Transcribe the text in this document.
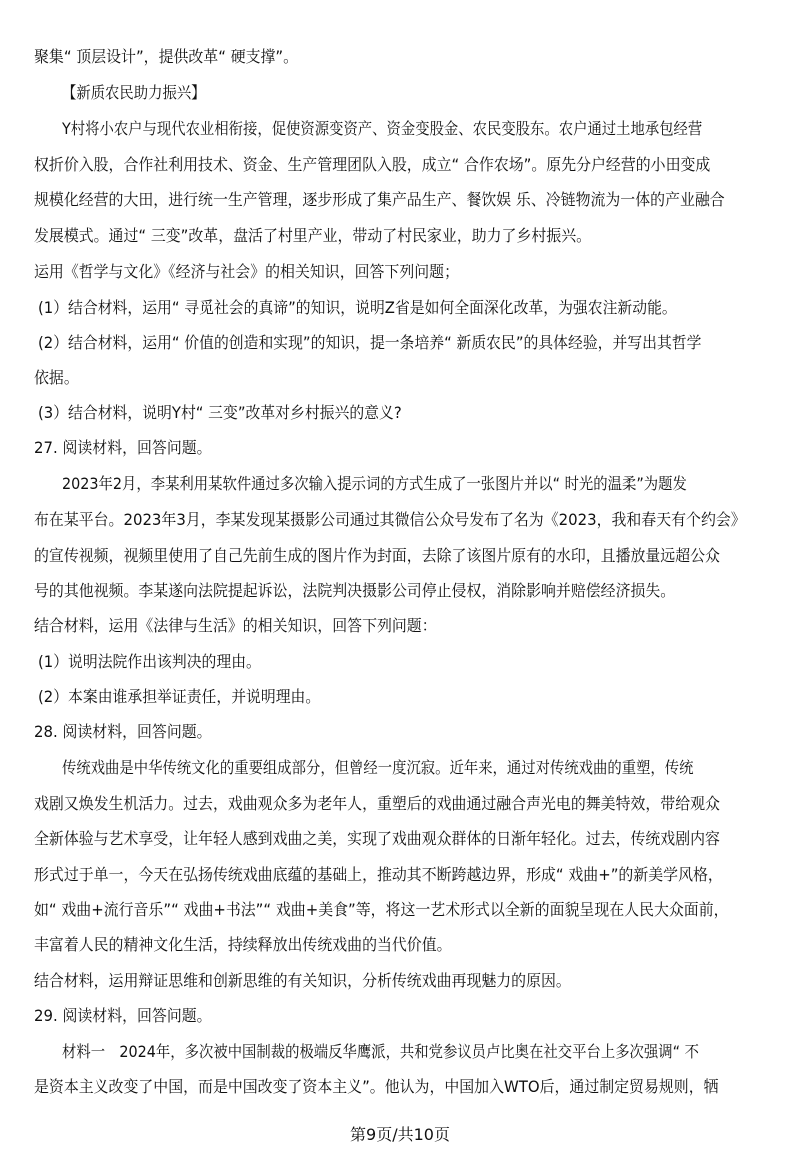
聚集“ 顶层设计”，提供改革“ 硬支撑”。
【新质农民助力振兴】
Y村将小农户与现代农业相衔接，促使资源变资产、资金变股金、农民变股东。农户通过土地承包经营
权折价入股，合作社利用技术、资金、生产管理团队入股，成立“ 合作农场”。原先分户经营的小田变成
规模化经营的大田，进行统一生产管理，逐步形成了集产品生产、餐饮娱 乐、冷链物流为一体的产业融合
发展模式。通过“ 三变”改革，盘活了村里产业，带动了村民家业，助力了乡村振兴。
运用《哲学与文化》《经济与社会》的相关知识，回答下列问题；
(1）结合材料，运用“ 寻觅社会的真谛”的知识，说明Z省是如何全面深化改革，为强农注新动能。
(2）结合材料，运用“ 价值的创造和实现”的知识，提一条培养“ 新质农民”的具体经验，并写出其哲学
依据。
(3）结合材料，说明Y村“ 三变”改革对乡村振兴的意义?
27. 阅读材料，回答问题。
2023年2月，李某利用某软件通过多次输入提示词的方式生成了一张图片并以“ 时光的温柔”为题发
布在某平台。2023年3月，李某发现某摄影公司通过其微信公众号发布了名为《2023，我和春天有个约会》
的宣传视频，视频里使用了自己先前生成的图片作为封面，去除了该图片原有的水印，且播放量远超公众
号的其他视频。李某遂向法院提起诉讼，法院判决摄影公司停止侵权，消除影响并赔偿经济损失。
结合材料，运用《法律与生活》的相关知识，回答下列问题：
(1）说明法院作出该判决的理由。
(2）本案由谁承担举证责任，并说明理由。
28. 阅读材料，回答问题。
传统戏曲是中华传统文化的重要组成部分，但曾经一度沉寂。近年来，通过对传统戏曲的重塑，传统
戏剧又焕发生机活力。过去，戏曲观众多为老年人，重塑后的戏曲通过融合声光电的舞美特效，带给观众
全新体验与艺术享受，让年轻人感到戏曲之美，实现了戏曲观众群体的日渐年轻化。过去，传统戏剧内容
形式过于单一，今天在弘扬传统戏曲底蕴的基础上，推动其不断跨越边界，形成“ 戏曲+”的新美学风格，
如“ 戏曲+流行音乐”“ 戏曲+书法”“ 戏曲+美食”等，将这一艺术形式以全新的面貌呈现在人民大众面前，
丰富着人民的精神文化生活，持续释放出传统戏曲的当代价值。
结合材料，运用辩证思维和创新思维的有关知识，分析传统戏曲再现魅力的原因。
29. 阅读材料，回答问题。
材料一　2024年，多次被中国制裁的极端反华鹰派，共和党参议员卢比奥在社交平台上多次强调“ 不
是资本主义改变了中国，而是中国改变了资本主义”。他认为，中国加入WTO后，通过制定贸易规则，牺
第9页/共10页
